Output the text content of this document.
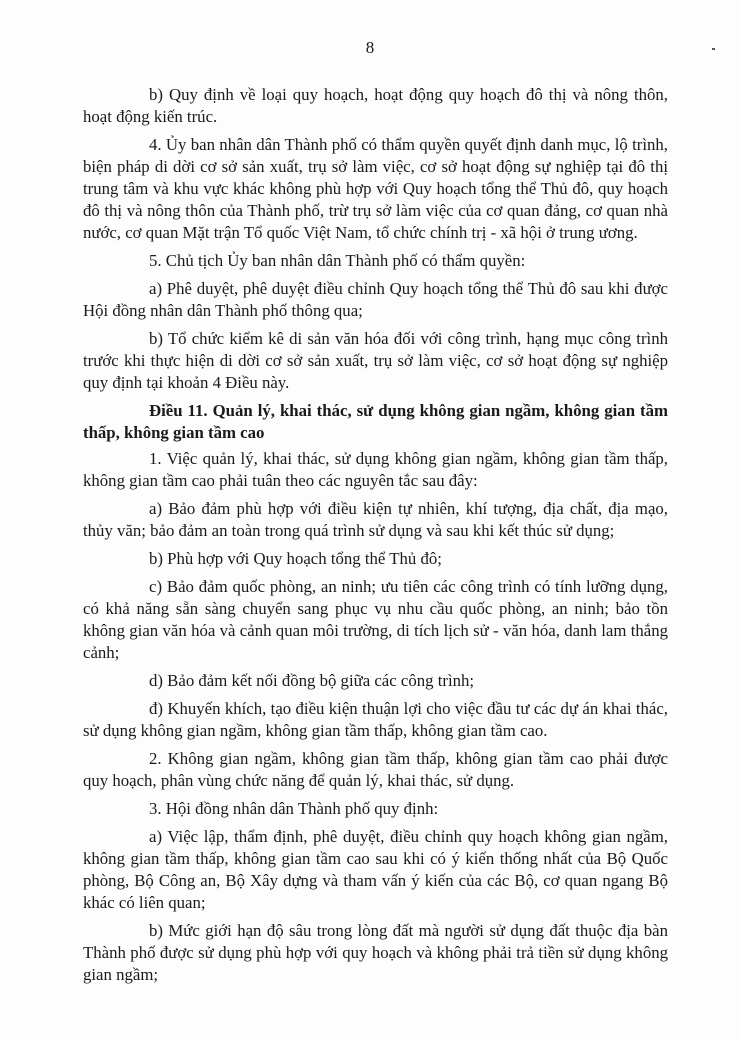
8

b) Quy định về loại quy hoạch, hoạt động quy hoạch đô thị và nông thôn, hoạt động kiến trúc.

4. Ủy ban nhân dân Thành phố có thẩm quyền quyết định danh mục, lộ trình, biện pháp di dời cơ sở sản xuất, trụ sở làm việc, cơ sở hoạt động sự nghiệp tại đô thị trung tâm và khu vực khác không phù hợp với Quy hoạch tổng thể Thủ đô, quy hoạch đô thị và nông thôn của Thành phố, trừ trụ sở làm việc của cơ quan đảng, cơ quan nhà nước, cơ quan Mặt trận Tổ quốc Việt Nam, tổ chức chính trị - xã hội ở trung ương.

5. Chủ tịch Ủy ban nhân dân Thành phố có thẩm quyền:

a) Phê duyệt, phê duyệt điều chỉnh Quy hoạch tổng thể Thủ đô sau khi được Hội đồng nhân dân Thành phố thông qua;

b) Tổ chức kiểm kê di sản văn hóa đối với công trình, hạng mục công trình trước khi thực hiện di dời cơ sở sản xuất, trụ sở làm việc, cơ sở hoạt động sự nghiệp quy định tại khoản 4 Điều này.

Điều 11. Quản lý, khai thác, sử dụng không gian ngầm, không gian tầm thấp, không gian tầm cao

1. Việc quản lý, khai thác, sử dụng không gian ngầm, không gian tầm thấp, không gian tầm cao phải tuân theo các nguyên tắc sau đây:

a) Bảo đảm phù hợp với điều kiện tự nhiên, khí tượng, địa chất, địa mạo, thủy văn; bảo đảm an toàn trong quá trình sử dụng và sau khi kết thúc sử dụng;

b) Phù hợp với Quy hoạch tổng thể Thủ đô;

c) Bảo đảm quốc phòng, an ninh; ưu tiên các công trình có tính lưỡng dụng, có khả năng sẵn sàng chuyển sang phục vụ nhu cầu quốc phòng, an ninh; bảo tồn không gian văn hóa và cảnh quan môi trường, di tích lịch sử - văn hóa, danh lam thắng cảnh;

d) Bảo đảm kết nối đồng bộ giữa các công trình;

đ) Khuyến khích, tạo điều kiện thuận lợi cho việc đầu tư các dự án khai thác, sử dụng không gian ngầm, không gian tầm thấp, không gian tầm cao.

2. Không gian ngầm, không gian tầm thấp, không gian tầm cao phải được quy hoạch, phân vùng chức năng để quản lý, khai thác, sử dụng.

3. Hội đồng nhân dân Thành phố quy định:

a) Việc lập, thẩm định, phê duyệt, điều chỉnh quy hoạch không gian ngầm, không gian tầm thấp, không gian tầm cao sau khi có ý kiến thống nhất của Bộ Quốc phòng, Bộ Công an, Bộ Xây dựng và tham vấn ý kiến của các Bộ, cơ quan ngang Bộ khác có liên quan;

b) Mức giới hạn độ sâu trong lòng đất mà người sử dụng đất thuộc địa bàn Thành phố được sử dụng phù hợp với quy hoạch và không phải trả tiền sử dụng không gian ngầm;
